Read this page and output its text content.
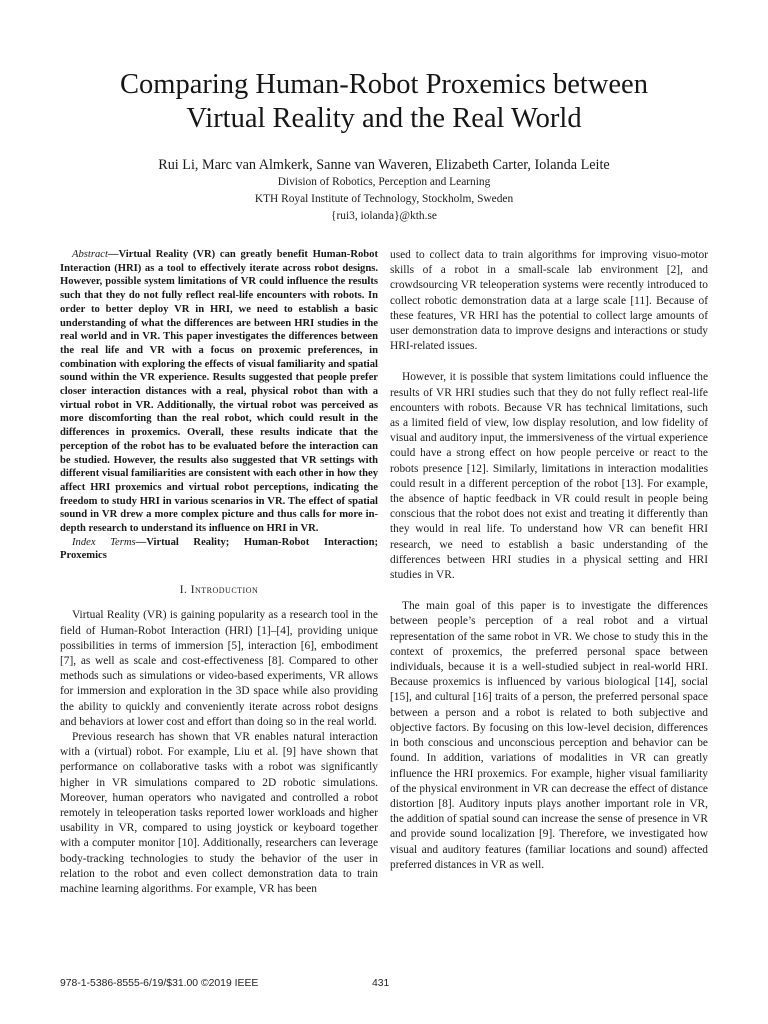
Comparing Human-Robot Proxemics between
Virtual Reality and the Real World
Rui Li, Marc van Almkerk, Sanne van Waveren, Elizabeth Carter, Iolanda Leite
Division of Robotics, Perception and Learning
KTH Royal Institute of Technology, Stockholm, Sweden
{rui3, iolanda}@kth.se

Abstract—Virtual Reality (VR) can greatly benefit Human-Robot Interaction (HRI) as a tool to effectively iterate across robot designs. However, possible system limitations of VR could influence the results such that they do not fully reflect real-life encounters with robots. In order to better deploy VR in HRI, we need to establish a basic understanding of what the differences are between HRI studies in the real world and in VR. This paper investigates the differences between the real life and VR with a focus on proxemic preferences, in combination with exploring the effects of visual familiarity and spatial sound within the VR experience. Results suggested that people prefer closer interaction distances with a real, physical robot than with a virtual robot in VR. Additionally, the virtual robot was perceived as more discomforting than the real robot, which could result in the differences in proxemics. Overall, these results indicate that the perception of the robot has to be evaluated before the interaction can be studied. However, the results also suggested that VR settings with different visual familiarities are consistent with each other in how they affect HRI proxemics and virtual robot perceptions, indicating the freedom to study HRI in various scenarios in VR. The effect of spatial sound in VR drew a more complex picture and thus calls for more in-depth research to understand its influence on HRI in VR.

Index Terms—Virtual Reality; Human-Robot Interaction; Proxemics

I. Introduction

Virtual Reality (VR) is gaining popularity as a research tool in the field of Human-Robot Interaction (HRI) [1]–[4], providing unique possibilities in terms of immersion [5], interaction [6], embodiment [7], as well as scale and cost-effectiveness [8]. Compared to other methods such as simulations or video-based experiments, VR allows for immersion and exploration in the 3D space while also providing the ability to quickly and conveniently iterate across robot designs and behaviors at lower cost and effort than doing so in the real world.

Previous research has shown that VR enables natural interaction with a (virtual) robot. For example, Liu et al. [9] have shown that performance on collaborative tasks with a robot was significantly higher in VR simulations compared to 2D robotic simulations. Moreover, human operators who navigated and controlled a robot remotely in teleoperation tasks reported lower workloads and higher usability in VR, compared to using joystick or keyboard together with a computer monitor [10]. Additionally, researchers can leverage body-tracking technologies to study the behavior of the user in relation to the robot and even collect demonstration data to train machine learning algorithms. For example, VR has been

used to collect data to train algorithms for improving visuo-motor skills of a robot in a small-scale lab environment [2], and crowdsourcing VR teleoperation systems were recently introduced to collect robotic demonstration data at a large scale [11]. Because of these features, VR HRI has the potential to collect large amounts of user demonstration data to improve designs and interactions or study HRI-related issues.

However, it is possible that system limitations could influence the results of VR HRI studies such that they do not fully reflect real-life encounters with robots. Because VR has technical limitations, such as a limited field of view, low display resolution, and low fidelity of visual and auditory input, the immersiveness of the virtual experience could have a strong effect on how people perceive or react to the robots presence [12]. Similarly, limitations in interaction modalities could result in a different perception of the robot [13]. For example, the absence of haptic feedback in VR could result in people being conscious that the robot does not exist and treating it differently than they would in real life. To understand how VR can benefit HRI research, we need to establish a basic understanding of the differences between HRI studies in a physical setting and HRI studies in VR.

The main goal of this paper is to investigate the differences between people’s perception of a real robot and a virtual representation of the same robot in VR. We chose to study this in the context of proxemics, the preferred personal space between individuals, because it is a well-studied subject in real-world HRI. Because proxemics is influenced by various biological [14], social [15], and cultural [16] traits of a person, the preferred personal space between a person and a robot is related to both subjective and objective factors. By focusing on this low-level decision, differences in both conscious and unconscious perception and behavior can be found. In addition, variations of modalities in VR can greatly influence the HRI proxemics. For example, higher visual familiarity of the physical environment in VR can decrease the effect of distance distortion [8]. Auditory inputs plays another important role in VR, the addition of spatial sound can increase the sense of presence in VR and provide sound localization [9]. Therefore, we investigated how visual and auditory features (familiar locations and sound) affected preferred distances in VR as well.

978-1-5386-8555-6/19/$31.00 ©2019 IEEE	431
